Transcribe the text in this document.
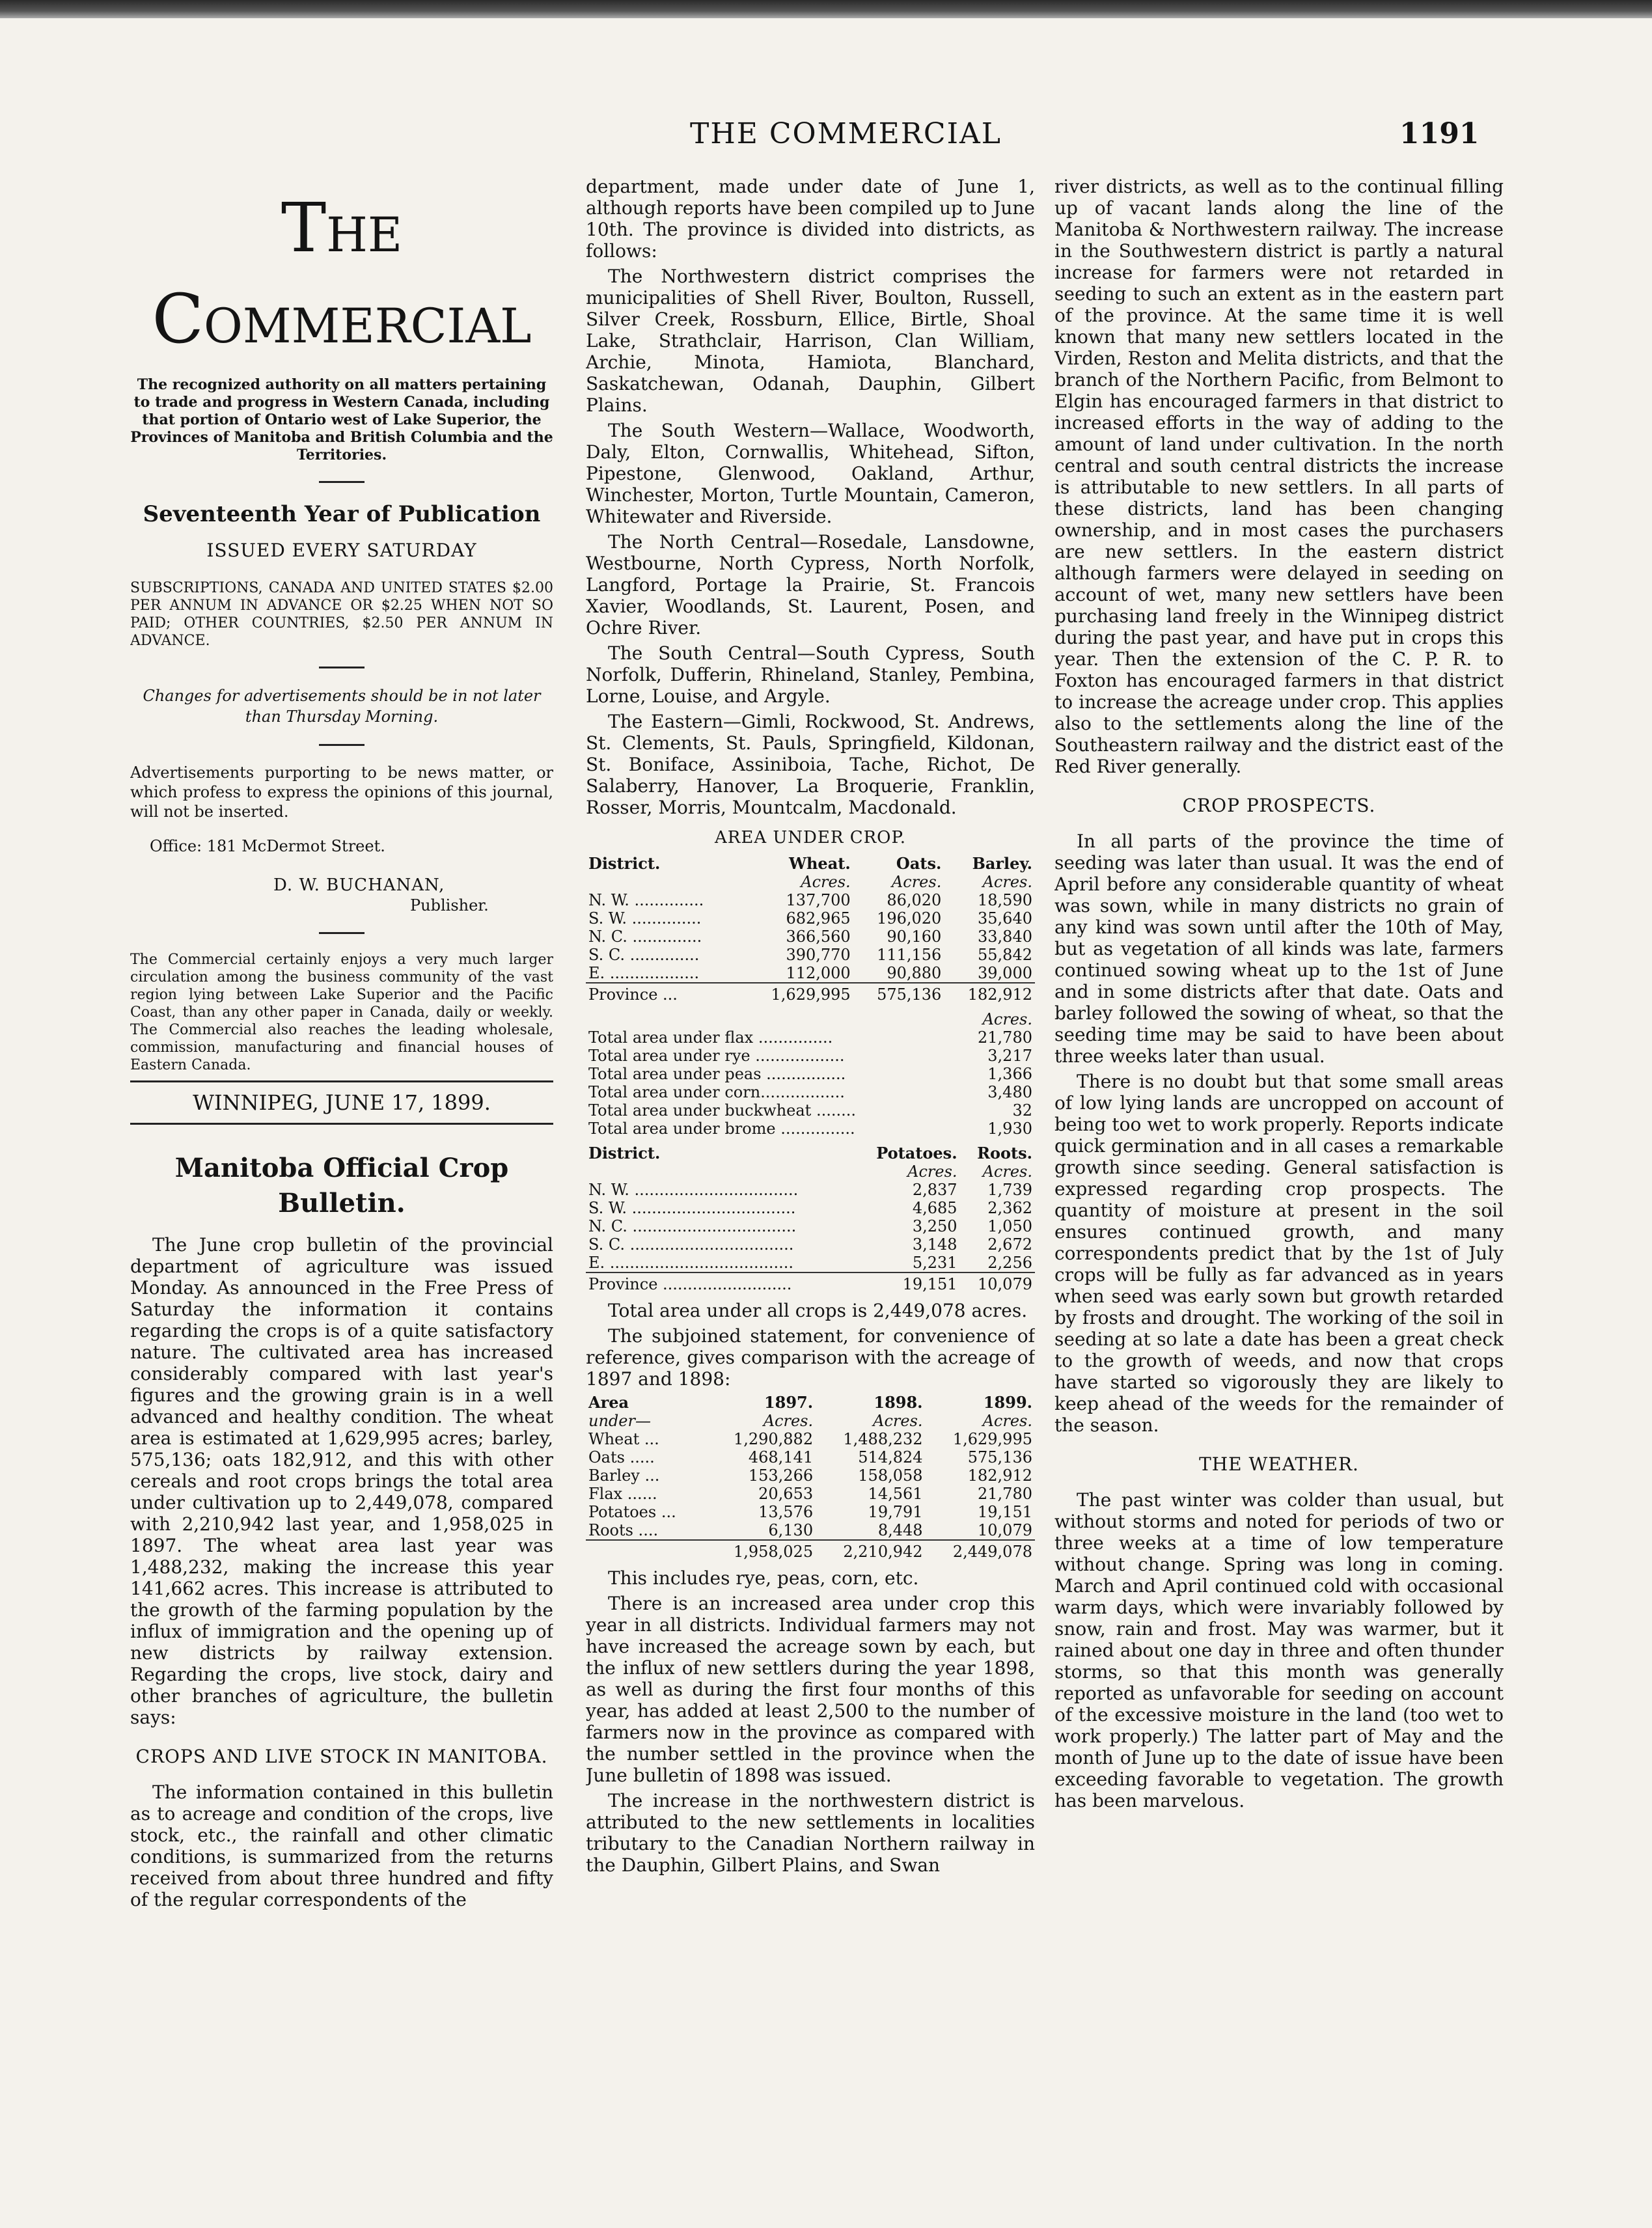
THE COMMERCIAL	1191
The Commercial
The recognized authority on all matters pertaining to trade and progress in Western Canada, including that portion of Ontario west of Lake Superior, the Provinces of Manitoba and British Columbia and the Territories.
Seventeenth Year of Publication
ISSUED EVERY SATURDAY
SUBSCRIPTIONS, CANADA AND UNITED STATES $2.00 PER ANNUM IN ADVANCE OR $2.25 WHEN NOT SO PAID; OTHER COUNTRIES, $2.50 PER ANNUM IN ADVANCE.
Changes for advertisements should be in not later
than Thursday Morning.
Advertisements purporting to be news matter, or which profess to express the opinions of this journal, will not be inserted.
Office: 181 McDermot Street.
D. W. BUCHANAN,
Publisher.
The Commercial certainly enjoys a very much larger circulation among the business community of the vast region lying between Lake Superior and the Pacific Coast, than any other paper in Canada, daily or weekly. The Commercial also reaches the leading wholesale, commission, manufacturing and financial houses of Eastern Canada.
WINNIPEG, JUNE 17, 1899.
Manitoba Official Crop Bulletin.

The June crop bulletin of the provincial department of agriculture was issued Monday. As announced in the Free Press of Saturday the information it contains regarding the crops is of a quite satisfactory nature. The cultivated area has increased considerably compared with last year's figures and the growing grain is in a well advanced and healthy condition. The wheat area is estimated at 1,629,995 acres; barley, 575,136; oats 182,912, and this with other cereals and root crops brings the total area under cultivation up to 2,449,078, compared with 2,210,942 last year, and 1,958,025 in 1897. The wheat area last year was 1,488,232, making the increase this year 141,662 acres. This increase is attributed to the growth of the farming population by the influx of immigration and the opening up of new districts by railway extension. Regarding the crops, live stock, dairy and other branches of agriculture, the bulletin says:

CROPS AND LIVE STOCK IN MANITOBA.

The information contained in this bulletin as to acreage and condition of the crops, live stock, etc., the rainfall and other climatic conditions, is summarized from the returns received from about three hundred and fifty of the regular correspondents of the

department, made under date of June 1, although reports have been compiled up to June 10th. The province is divided into districts, as follows:

The Northwestern district comprises the municipalities of Shell River, Boulton, Russell, Silver Creek, Rossburn, Ellice, Birtle, Shoal Lake, Strathclair, Harrison, Clan William, Archie, Minota, Hamiota, Blanchard, Saskatchewan, Odanah, Dauphin, Gilbert Plains.

The South Western—Wallace, Woodworth, Daly, Elton, Cornwallis, Whitehead, Sifton, Pipestone, Glenwood, Oakland, Arthur, Winchester, Morton, Turtle Mountain, Cameron, Whitewater and Riverside.

The North Central—Rosedale, Lansdowne, Westbourne, North Cypress, North Norfolk, Langford, Portage la Prairie, St. Francois Xavier, Woodlands, St. Laurent, Posen, and Ochre River.

The South Central—South Cypress, South Norfolk, Dufferin, Rhineland, Stanley, Pembina, Lorne, Louise, and Argyle.

The Eastern—Gimli, Rockwood, St. Andrews, St. Clements, St. Pauls, Springfield, Kildonan, St. Boniface, Assiniboia, Tache, Richot, De Salaberry, Hanover, La Broquerie, Franklin, Rosser, Morris, Mountcalm, Macdonald.

AREA UNDER CROP.
District.	Wheat.	Oats.	Barley.
	Acres.	Acres.	Acres.
N. W. ..............	137,700	86,020	18,590
S. W. ..............	682,965	196,020	35,640
N. C. ..............	366,560	90,160	33,840
S. C. ..............	390,770	111,156	55,842
E. ..................	112,000	90,880	39,000
Province ...	1,629,995	575,136	182,912
	Acres.
Total area under flax ...............	21,780
Total area under rye ..................	3,217
Total area under peas ................	1,366
Total area under corn.................	3,480
Total area under buckwheat ........	32
Total area under brome ...............	1,930
District.	Potatoes.	Roots.
	Acres.	Acres.
N. W. .................................	2,837	1,739
S. W. .................................	4,685	2,362
N. C. .................................	3,250	1,050
S. C. .................................	3,148	2,672
E. .....................................	5,231	2,256
Province ..........................	19,151	10,079

Total area under all crops is 2,449,078 acres.

The subjoined statement, for convenience of reference, gives comparison with the acreage of 1897 and 1898:

Area	1897.	1898.	1899.
under—	Acres.	Acres.	Acres.
Wheat ...	1,290,882	1,488,232	1,629,995
Oats .....	468,141	514,824	575,136
Barley ...	153,266	158,058	182,912
Flax ......	20,653	14,561	21,780
Potatoes ...	13,576	19,791	19,151
Roots ....	6,130	8,448	10,079
	1,958,025	2,210,942	2,449,078

This includes rye, peas, corn, etc.

There is an increased area under crop this year in all districts. Individual farmers may not have increased the acreage sown by each, but the influx of new settlers during the year 1898, as well as during the first four months of this year, has added at least 2,500 to the number of farmers now in the province as compared with the number settled in the province when the June bulletin of 1898 was issued.

The increase in the northwestern district is attributed to the new settlements in localities tributary to the Canadian Northern railway in the Dauphin, Gilbert Plains, and Swan

river districts, as well as to the continual filling up of vacant lands along the line of the Manitoba & Northwestern railway. The increase in the Southwestern district is partly a natural increase for farmers were not retarded in seeding to such an extent as in the eastern part of the province. At the same time it is well known that many new settlers located in the Virden, Reston and Melita districts, and that the branch of the Northern Pacific, from Belmont to Elgin has encouraged farmers in that district to increased efforts in the way of adding to the amount of land under cultivation. In the north central and south central districts the increase is attributable to new settlers. In all parts of these districts, land has been changing ownership, and in most cases the purchasers are new settlers. In the eastern district although farmers were delayed in seeding on account of wet, many new settlers have been purchasing land freely in the Winnipeg district during the past year, and have put in crops this year. Then the extension of the C. P. R. to Foxton has encouraged farmers in that district to increase the acreage under crop. This applies also to the settlements along the line of the Southeastern railway and the district east of the Red River generally.

CROP PROSPECTS.

In all parts of the province the time of seeding was later than usual. It was the end of April before any considerable quantity of wheat was sown, while in many districts no grain of any kind was sown until after the 10th of May, but as vegetation of all kinds was late, farmers continued sowing wheat up to the 1st of June and in some districts after that date. Oats and barley followed the sowing of wheat, so that the seeding time may be said to have been about three weeks later than usual.

There is no doubt but that some small areas of low lying lands are uncropped on account of being too wet to work properly. Reports indicate quick germination and in all cases a remarkable growth since seeding. General satisfaction is expressed regarding crop prospects. The quantity of moisture at present in the soil ensures continued growth, and many correspondents predict that by the 1st of July crops will be fully as far advanced as in years when seed was early sown but growth retarded by frosts and drought. The working of the soil in seeding at so late a date has been a great check to the growth of weeds, and now that crops have started so vigorously they are likely to keep ahead of the weeds for the remainder of the season.

THE WEATHER.

The past winter was colder than usual, but without storms and noted for periods of two or three weeks at a time of low temperature without change. Spring was long in coming. March and April continued cold with occasional warm days, which were invariably followed by snow, rain and frost. May was warmer, but it rained about one day in three and often thunder storms, so that this month was generally reported as unfavorable for seeding on account of the excessive moisture in the land (too wet to work properly.) The latter part of May and the month of June up to the date of issue have been exceeding favorable to vegetation. The growth has been marvelous.
